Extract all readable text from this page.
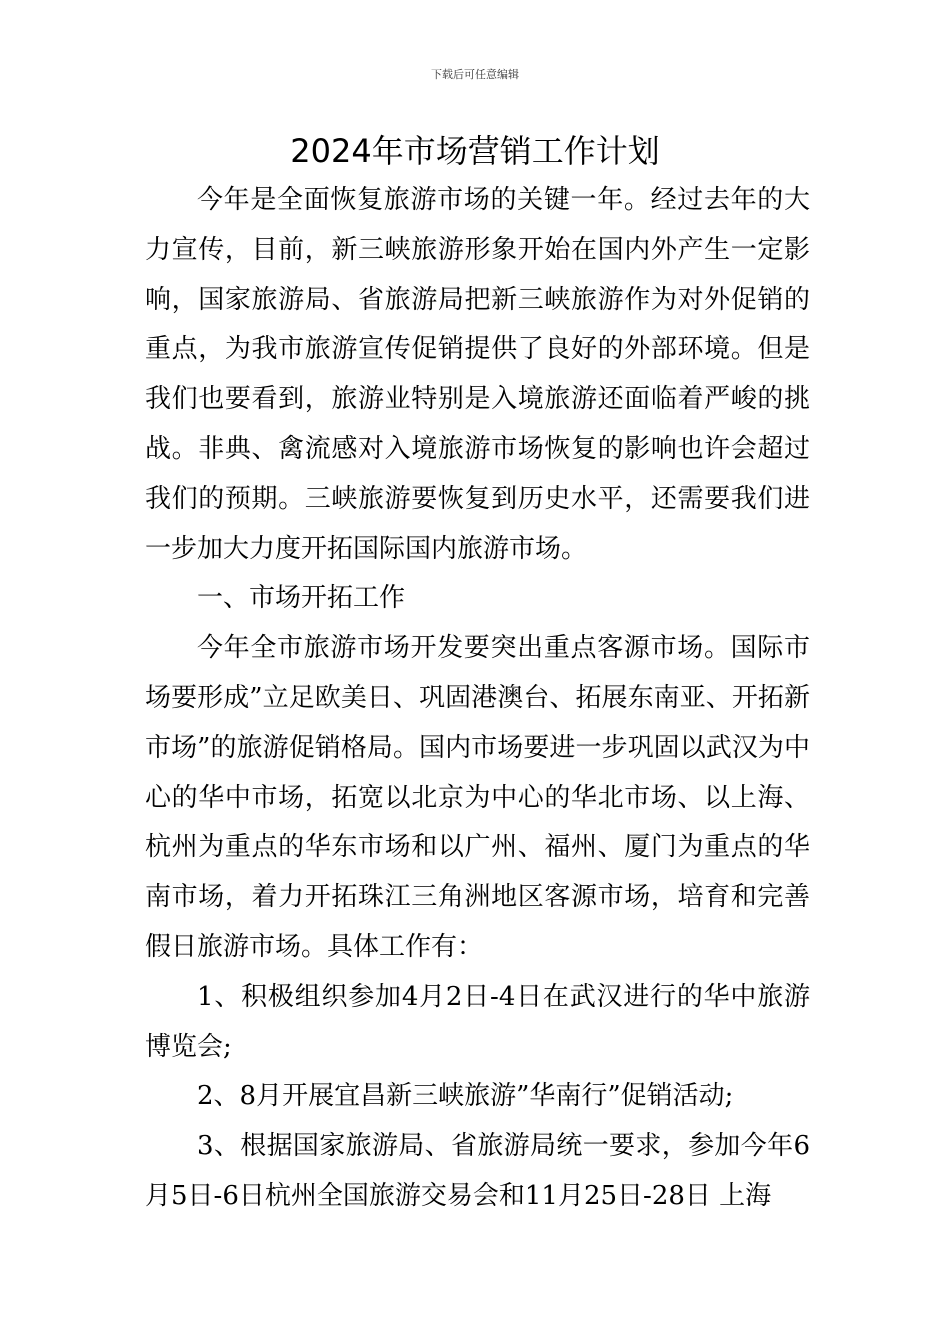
下载后可任意编辑
2024年市场营销工作计划

今年是全面恢复旅游市场的关键一年。经过去年的大力宣传，目前，新三峡旅游形象开始在国内外产生一定影响，国家旅游局、省旅游局把新三峡旅游作为对外促销的重点，为我市旅游宣传促销提供了良好的外部环境。但是我们也要看到，旅游业特别是入境旅游还面临着严峻的挑战。非典、禽流感对入境旅游市场恢复的影响也许会超过我们的预期。三峡旅游要恢复到历史水平，还需要我们进一步加大力度开拓国际国内旅游市场。

一、市场开拓工作

今年全市旅游市场开发要突出重点客源市场。国际市场要形成”立足欧美日、巩固港澳台、拓展东南亚、开拓新市场”的旅游促销格局。国内市场要进一步巩固以武汉为中心的华中市场，拓宽以北京为中心的华北市场、以上海、杭州为重点的华东市场和以广州、福州、厦门为重点的华南市场，着力开拓珠江三角洲地区客源市场，培育和完善假日旅游市场。具体工作有：

1、积极组织参加4月2日-4日在武汉进行的华中旅游博览会;

2、8月开展宜昌新三峡旅游”华南行”促销活动;

3、根据国家旅游局、省旅游局统一要求，参加今年6月5日-6日杭州全国旅游交易会和11月25日-28日 上海
